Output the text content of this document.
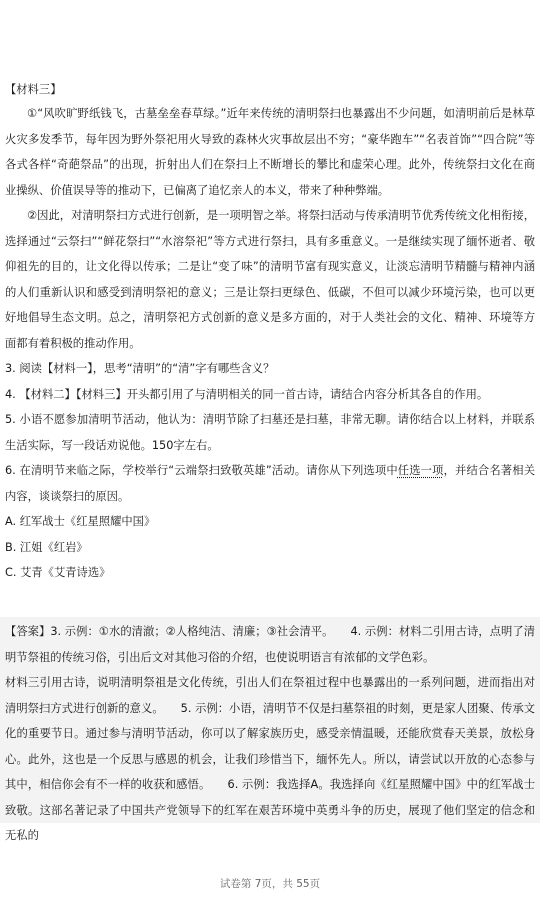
【材料三】

①“风吹旷野纸钱飞，古墓垒垒春草绿。”近年来传统的清明祭扫也暴露出不少问题，如清明前后是林草火灾多发季节，每年因为野外祭祀用火导致的森林火灾事故层出不穷；“豪华跑车”“名表首饰”“四合院”等各式各样“奇葩祭品”的出现，折射出人们在祭扫上不断增长的攀比和虚荣心理。此外，传统祭扫文化在商业操纵、价值误导等的推动下，已偏离了追忆亲人的本义，带来了种种弊端。

②因此，对清明祭扫方式进行创新，是一项明智之举。将祭扫活动与传承清明节优秀传统文化相衔接，选择通过“云祭扫”“鲜花祭扫”“水溶祭祀”等方式进行祭扫，具有多重意义。一是继续实现了缅怀逝者、敬仰祖先的目的，让文化得以传承；二是让“变了味”的清明节富有现实意义，让淡忘清明节精髓与精神内涵的人们重新认识和感受到清明祭祀的意义；三是让祭扫更绿色、低碳，不但可以减少环境污染，也可以更好地倡导生态文明。总之，清明祭祀方式创新的意义是多方面的，对于人类社会的文化、精神、环境等方面都有着积极的推动作用。

3. 阅读【材料一】，思考“清明”的“清”字有哪些含义？

4. 【材料二】【材料三】开头都引用了与清明相关的同一首古诗，请结合内容分析其各自的作用。

5. 小语不愿参加清明节活动，他认为：清明节除了扫墓还是扫墓，非常无聊。请你结合以上材料，并联系生活实际，写一段话劝说他。150字左右。

6. 在清明节来临之际，学校举行“云端祭扫致敬英雄”活动。请你从下列选项中任选一项，并结合名著相关内容，谈谈祭扫的原因。

A. 红军战士《红星照耀中国》

B. 江姐《红岩》

C. 艾青《艾青诗选》

【答案】3. 示例：①水的清澈；②人格纯洁、清廉；③社会清平。　　4. 示例：材料二引用古诗，点明了清明节祭祖的传统习俗，引出后文对其他习俗的介绍，也使说明语言有浓郁的文学色彩。

材料三引用古诗，说明清明祭祖是文化传统，引出人们在祭祖过程中也暴露出的一系列问题，进而指出对清明祭扫方式进行创新的意义。　　5. 示例：小语，清明节不仅是扫墓祭祖的时刻，更是家人团聚、传承文化的重要节日。通过参与清明节活动，你可以了解家族历史，感受亲情温暖，还能欣赏春天美景，放松身心。此外，这也是一个反思与感恩的机会，让我们珍惜当下，缅怀先人。所以，请尝试以开放的心态参与其中，相信你会有不一样的收获和感悟。　　6. 示例：我选择A。我选择向《红星照耀中国》中的红军战士致敬。这部名著记录了中国共产党领导下的红军在艰苦环境中英勇斗争的历史，展现了他们坚定的信念和无私的

试卷第 7页，共 55页
